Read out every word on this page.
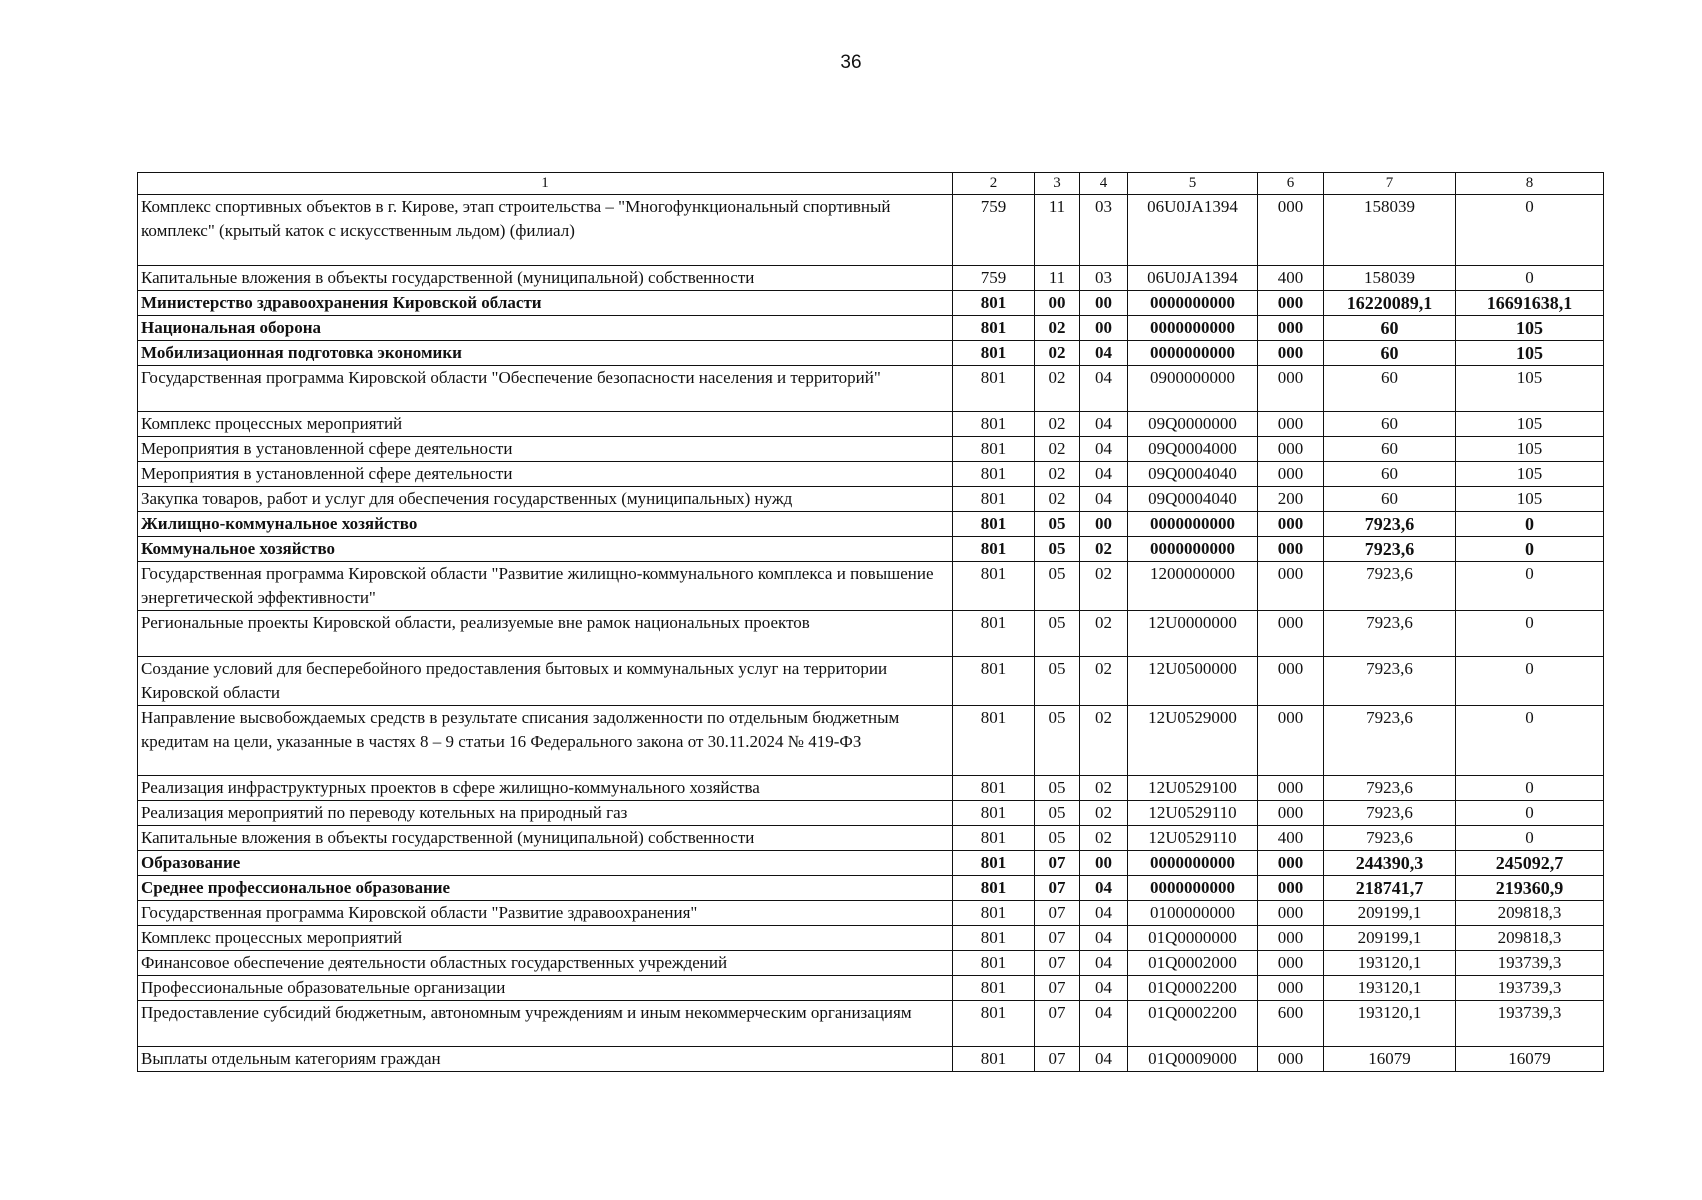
36
1	2	3	4	5	6	7	8
Комплекс спортивных объектов в г. Кирове, этап строительства – "Многофункциональный спортивный комплекс" (крытый каток с искусственным льдом) (филиал)	759	11	03	06U0JA1394	000	158039	0
Капитальные вложения в объекты государственной (муниципальной) собственности	759	11	03	06U0JA1394	400	158039	0
Министерство здравоохранения Кировской области	801	00	00	0000000000	000	16220089,1	16691638,1
Национальная оборона	801	02	00	0000000000	000	60	105
Мобилизационная подготовка экономики	801	02	04	0000000000	000	60	105
Государственная программа Кировской области "Обеспечение безопасности населения и территорий"	801	02	04	0900000000	000	60	105
Комплекс процессных мероприятий	801	02	04	09Q0000000	000	60	105
Мероприятия в установленной сфере деятельности	801	02	04	09Q0004000	000	60	105
Мероприятия в установленной сфере деятельности	801	02	04	09Q0004040	000	60	105
Закупка товаров, работ и услуг для обеспечения государственных (муниципальных) нужд	801	02	04	09Q0004040	200	60	105
Жилищно-коммунальное хозяйство	801	05	00	0000000000	000	7923,6	0
Коммунальное хозяйство	801	05	02	0000000000	000	7923,6	0
Государственная программа Кировской области "Развитие жилищно-коммунального комплекса и повышение энергетической эффективности"	801	05	02	1200000000	000	7923,6	0
Региональные проекты Кировской области, реализуемые вне рамок национальных проектов	801	05	02	12U0000000	000	7923,6	0
Создание условий для бесперебойного предоставления бытовых и коммунальных услуг на территории Кировской области	801	05	02	12U0500000	000	7923,6	0
Направление высвобождаемых средств в результате списания задолженности по отдельным бюджетным кредитам на цели, указанные в частях 8 – 9 статьи 16 Федерального закона от 30.11.2024 № 419-ФЗ	801	05	02	12U0529000	000	7923,6	0
Реализация инфраструктурных проектов в сфере жилищно-коммунального хозяйства	801	05	02	12U0529100	000	7923,6	0
Реализация мероприятий по переводу котельных на природный газ	801	05	02	12U0529110	000	7923,6	0
Капитальные вложения в объекты государственной (муниципальной) собственности	801	05	02	12U0529110	400	7923,6	0
Образование	801	07	00	0000000000	000	244390,3	245092,7
Среднее профессиональное образование	801	07	04	0000000000	000	218741,7	219360,9
Государственная программа Кировской области "Развитие здравоохранения"	801	07	04	0100000000	000	209199,1	209818,3
Комплекс процессных мероприятий	801	07	04	01Q0000000	000	209199,1	209818,3
Финансовое обеспечение деятельности областных государственных учреждений	801	07	04	01Q0002000	000	193120,1	193739,3
Профессиональные образовательные организации	801	07	04	01Q0002200	000	193120,1	193739,3
Предоставление субсидий бюджетным, автономным учреждениям и иным некоммерческим организациям	801	07	04	01Q0002200	600	193120,1	193739,3
Выплаты отдельным категориям граждан	801	07	04	01Q0009000	000	16079	16079
